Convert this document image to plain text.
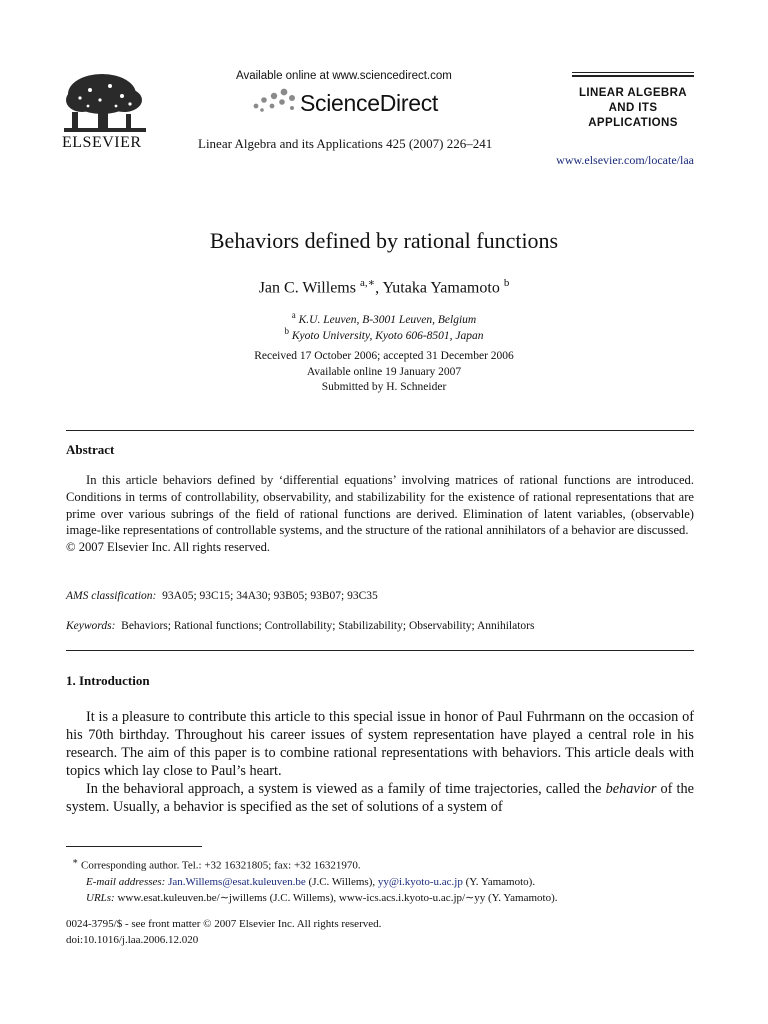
ELSEVIER
Available online at www.sciencedirect.com
ScienceDirect
Linear Algebra and its Applications 425 (2007) 226–241
LINEAR ALGEBRA
AND ITS
APPLICATIONS
www.elsevier.com/locate/laa
Behaviors defined by rational functions
Jan C. Willems $^{a,∗}$, Yutaka Yamamoto $^b$
$^a$ K.U. Leuven, B-3001 Leuven, Belgium
$^b$ Kyoto University, Kyoto 606-8501, Japan
Received 17 October 2006; accepted 31 December 2006
Available online 19 January 2007
Submitted by H. Schneider
Abstract

In this article behaviors defined by ‘differential equations’ involving matrices of rational functions are introduced. Conditions in terms of controllability, observability, and stabilizability for the existence of rational representations that are prime over various subrings of the field of rational functions are derived. Elimination of latent variables, (observable) image-like representations of controllable systems, and the structure of the rational annihilators of a behavior are discussed.

© 2007 Elsevier Inc. All rights reserved.

AMS classification: 93A05; 93C15; 34A30; 93B05; 93B07; 93C35
Keywords: Behaviors; Rational functions; Controllability; Stabilizability; Observability; Annihilators
1. Introduction

It is a pleasure to contribute this article to this special issue in honor of Paul Fuhrmann on the occasion of his 70th birthday. Throughout his career issues of system representation have played a central role in his research. The aim of this paper is to combine rational representations with behaviors. This article deals with topics which lay close to Paul’s heart.

In the behavioral approach, a system is viewed as a family of time trajectories, called the behavior of the system. Usually, a behavior is specified as the set of solutions of a system of

∗ Corresponding author. Tel.: +32 16321805; fax: +32 16321970.
E-mail addresses: Jan.Willems@esat.kuleuven.be (J.C. Willems), yy@i.kyoto-u.ac.jp (Y. Yamamoto).
URLs: www.esat.kuleuven.be/∼jwillems (J.C. Willems), www-ics.acs.i.kyoto-u.ac.jp/∼yy (Y. Yamamoto).
0024-3795/$ - see front matter © 2007 Elsevier Inc. All rights reserved.
doi:10.1016/j.laa.2006.12.020
